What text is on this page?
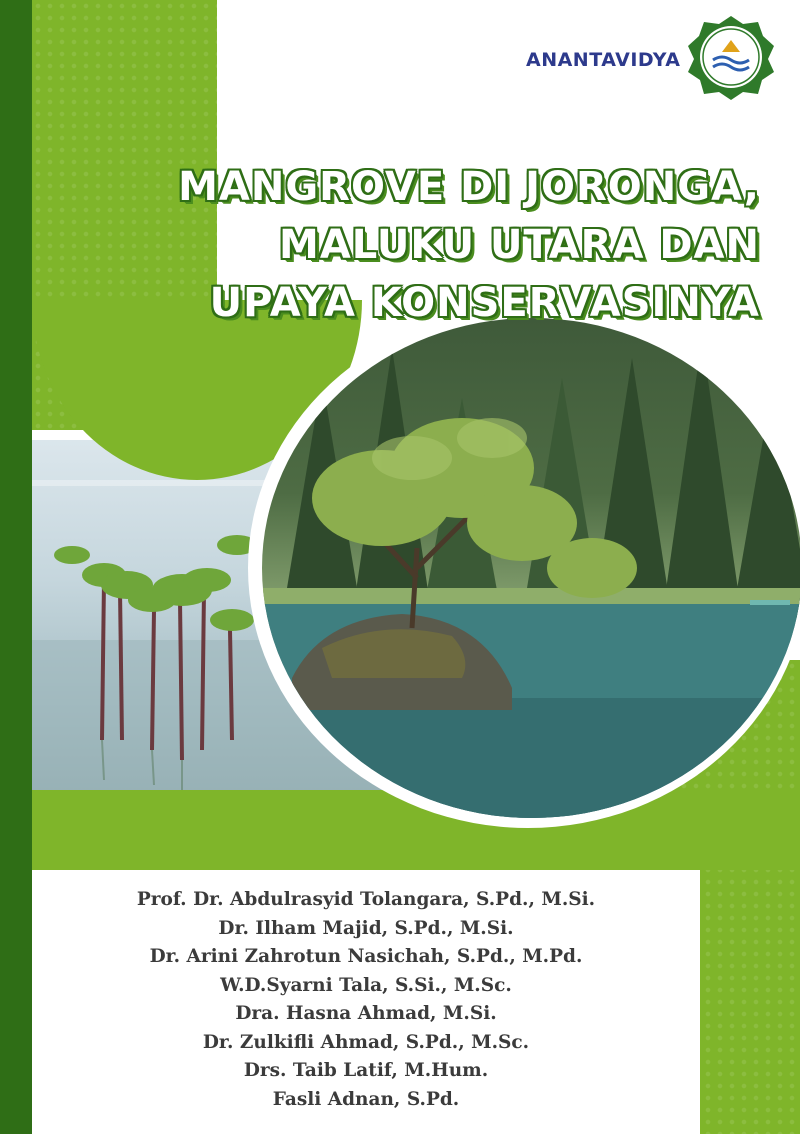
ANANTAVIDYA
MANGROVE DI JORONGA,
MALUKU UTARA DAN
UPAYA KONSERVASINYA
Prof. Dr. Abdulrasyid Tolangara, S.Pd., M.Si.
Dr. Ilham Majid, S.Pd., M.Si.
Dr. Arini Zahrotun Nasichah, S.Pd., M.Pd.
W.D.Syarni Tala, S.Si., M.Sc.
Dra. Hasna Ahmad, M.Si.
Dr. Zulkifli Ahmad, S.Pd., M.Sc.
Drs. Taib Latif, M.Hum.
Fasli Adnan, S.Pd.
